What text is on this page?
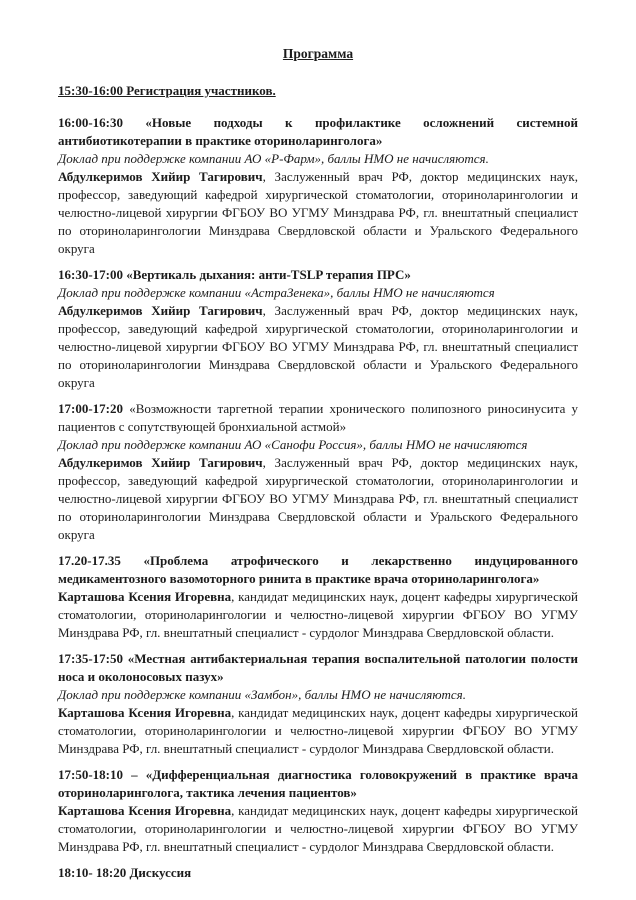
Программа

15:30-16:00 Регистрация участников.

16:00-16:30 «Новые подходы к профилактике осложнений системной антибиотикотерапии в практике оториноларинголога»

Доклад при поддержке компании АО «Р-Фарм», баллы НМО не начисляются.

Абдулкеримов Хийир Тагирович, Заслуженный врач РФ, доктор медицинских наук, профессор, заведующий кафедрой хирургической стоматологии, оториноларингологии и челюстно-лицевой хирургии ФГБОУ ВО УГМУ Минздрава РФ, гл. внештатный специалист по оториноларингологии Минздрава Свердловской области и Уральского Федерального округа

16:30-17:00 «Вертикаль дыхания: анти-TSLP терапия ПРС»

Доклад при поддержке компании «АстраЗенека», баллы НМО не начисляются

Абдулкеримов Хийир Тагирович, Заслуженный врач РФ, доктор медицинских наук, профессор, заведующий кафедрой хирургической стоматологии, оториноларингологии и челюстно-лицевой хирургии ФГБОУ ВО УГМУ Минздрава РФ, гл. внештатный специалист по оториноларингологии Минздрава Свердловской области и Уральского Федерального округа

17:00-17:20 «Возможности таргетной терапии хронического полипозного риносинусита у пациентов с сопутствующей бронхиальной астмой»

Доклад при поддержке компании АО «Санофи Россия», баллы НМО не начисляются

Абдулкеримов Хийир Тагирович, Заслуженный врач РФ, доктор медицинских наук, профессор, заведующий кафедрой хирургической стоматологии, оториноларингологии и челюстно-лицевой хирургии ФГБОУ ВО УГМУ Минздрава РФ, гл. внештатный специалист по оториноларингологии Минздрава Свердловской области и Уральского Федерального округа

17.20-17.35 «Проблема атрофического и лекарственно индуцированного медикаментозного вазомоторного ринита в практике врача оториноларинголога»

Карташова Ксения Игоревна, кандидат медицинских наук, доцент кафедры хирургической стоматологии, оториноларингологии и челюстно-лицевой хирургии ФГБОУ ВО УГМУ Минздрава РФ, гл. внештатный специалист - сурдолог Минздрава Свердловской области.

17:35-17:50 «Местная антибактериальная терапия воспалительной патологии полости носа и околоносовых пазух»

Доклад при поддержке компании «Замбон», баллы НМО не начисляются.

Карташова Ксения Игоревна, кандидат медицинских наук, доцент кафедры хирургической стоматологии, оториноларингологии и челюстно-лицевой хирургии ФГБОУ ВО УГМУ Минздрава РФ, гл. внештатный специалист - сурдолог Минздрава Свердловской области.

17:50-18:10 – «Дифференциальная диагностика головокружений в практике врача оториноларинголога, тактика лечения пациентов»

Карташова Ксения Игоревна, кандидат медицинских наук, доцент кафедры хирургической стоматологии, оториноларингологии и челюстно-лицевой хирургии ФГБОУ ВО УГМУ Минздрава РФ, гл. внештатный специалист - сурдолог Минздрава Свердловской области.

18:10- 18:20 Дискуссия
